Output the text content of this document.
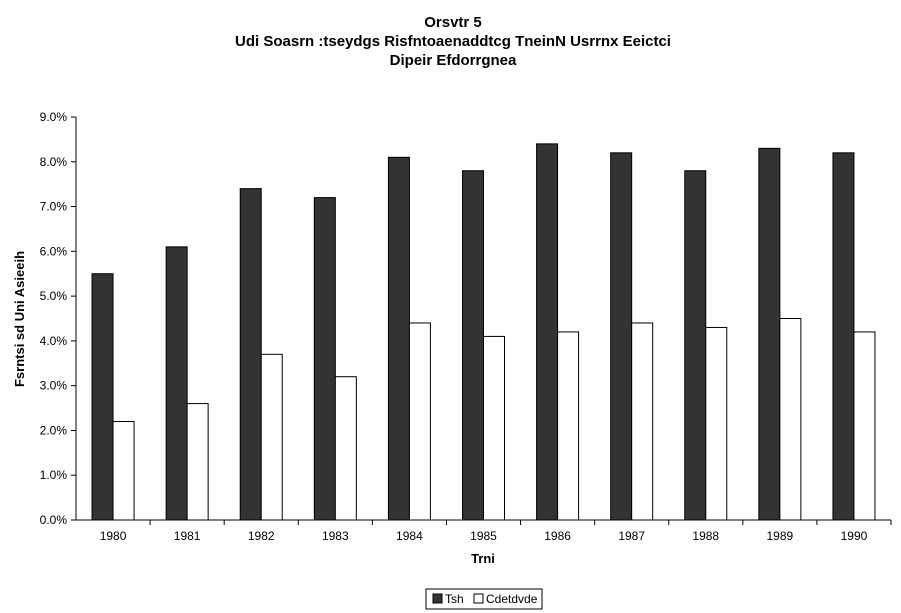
Orsvtr 5
Udi Soasrn :tseydgs Risfntoaenaddtcg TneinN Usrrnx Eeictci
Dipeir Efdorrgnea
0.0%
1.0%
2.0%
3.0%
4.0%
5.0%
6.0%
7.0%
8.0%
9.0%
1980	1981	1982	1983	1984	1985	1986	1987	1988	1989	1990
Trni
Fsrntsi sd Uni Asieeih
Tsh Cdetdvde
